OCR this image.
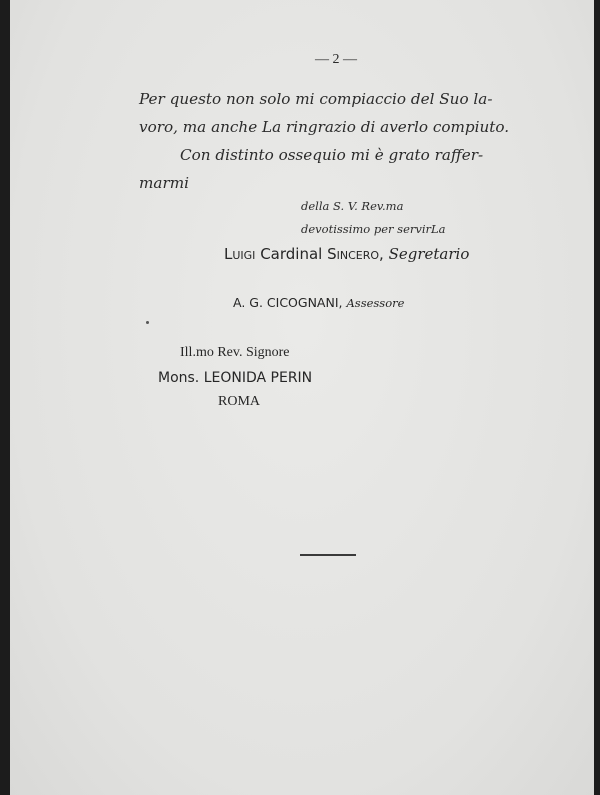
— 2 —

Per questo non solo mi compiaccio del Suo la-

voro, ma anche La ringrazio di averlo compiuto.

Con distinto ossequio mi è grato raffer-

marmi

della S. V. Rev.ma

devotissimo per servirLa

Luigi Cardinal Sincero, Segretario

A. G. CICOGNANI, Assessore

Ill.mo Rev. Signore

Mons. LEONIDA PERIN

ROMA
